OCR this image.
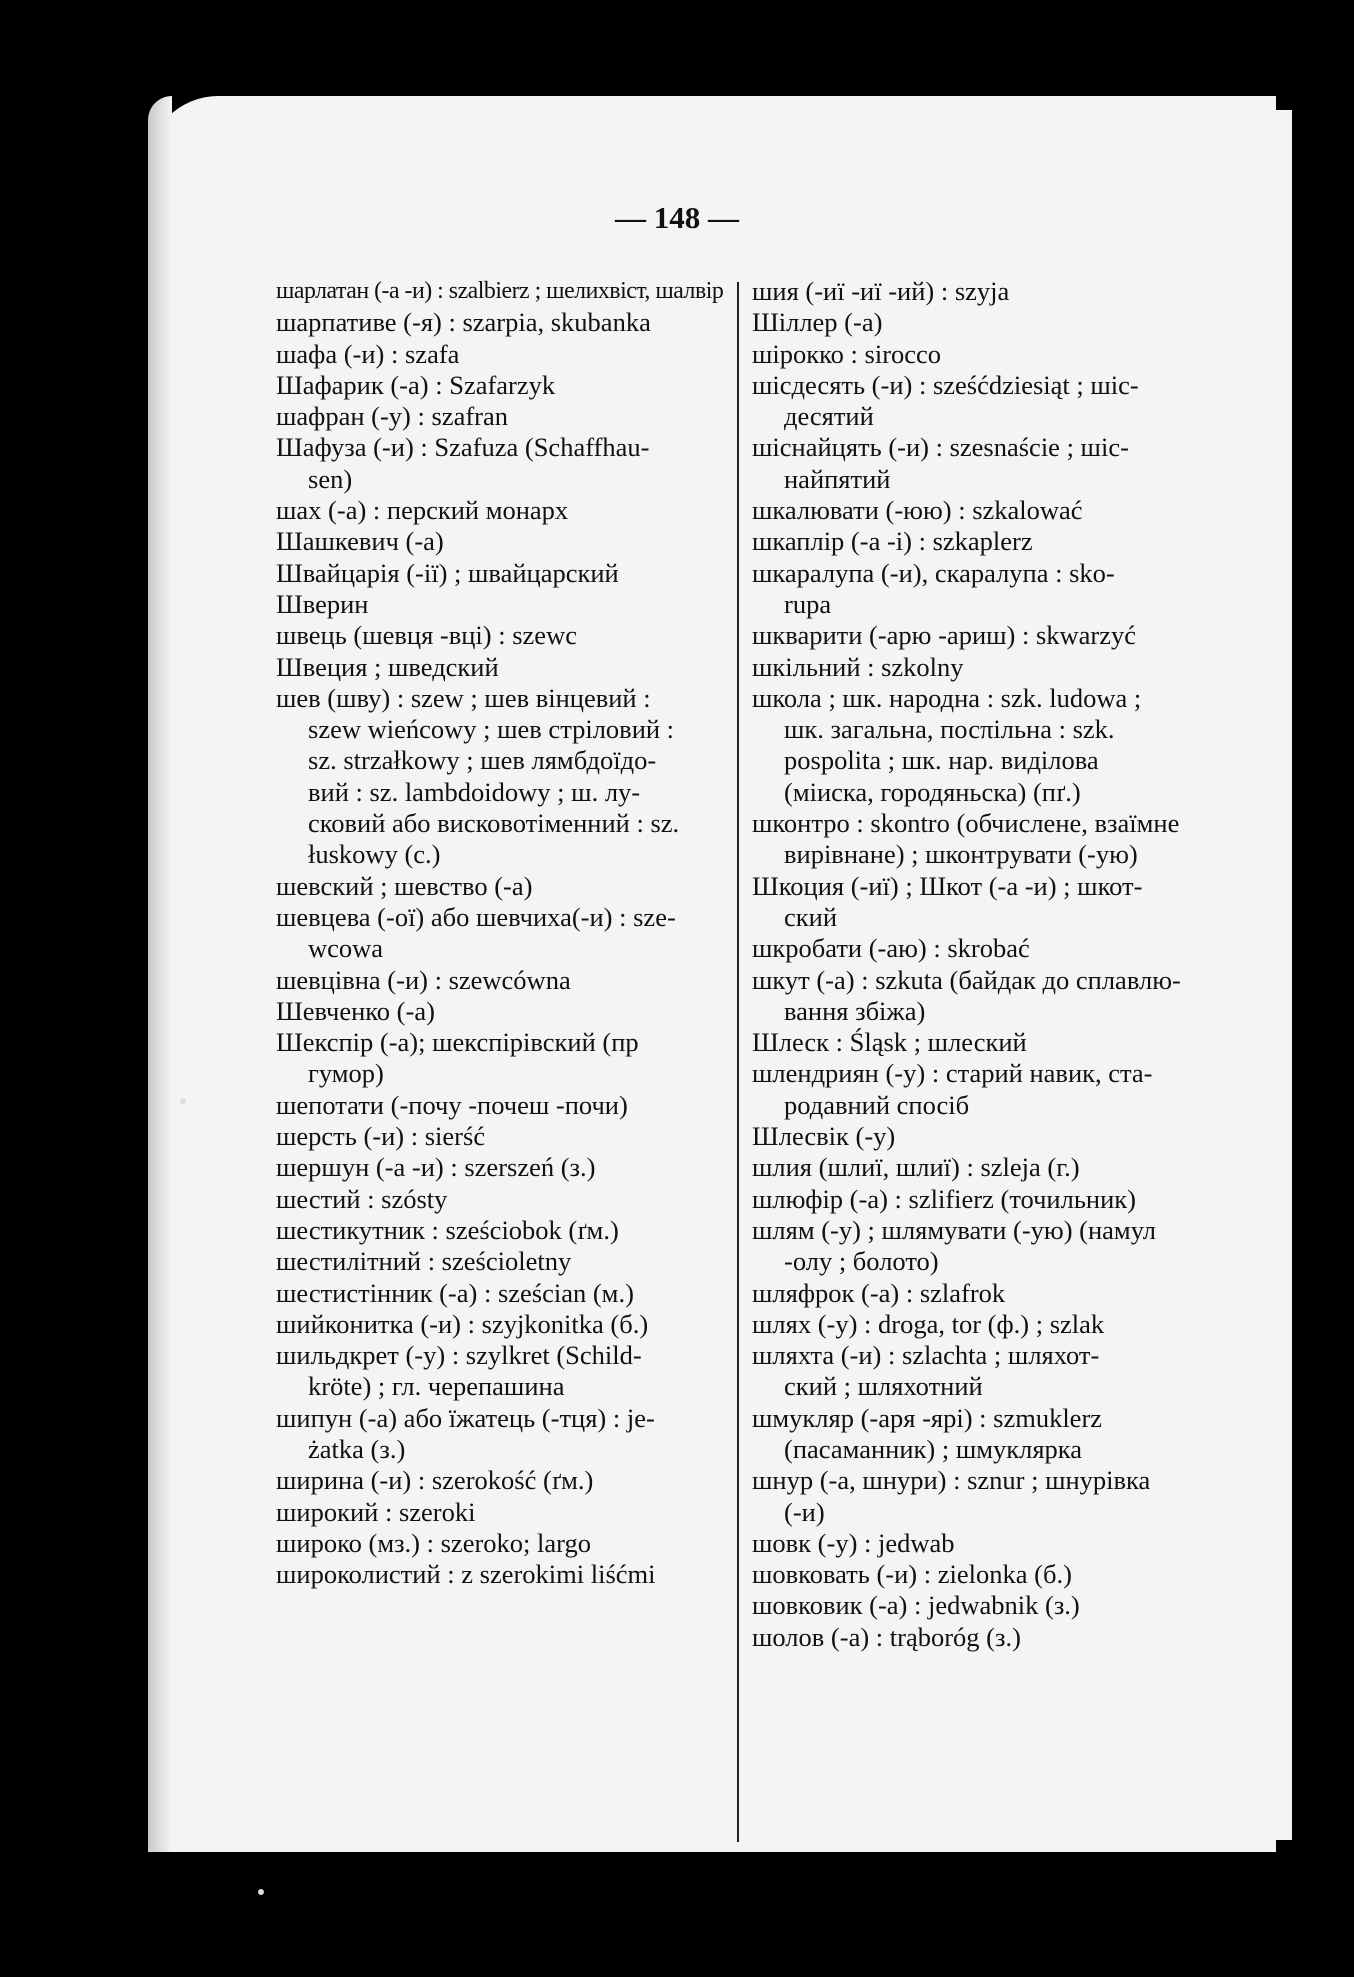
— 148 —
шарлатан (-а -и) : szalbierz ; шелихвіст, шалвір
шарпативе (-я) : szarpia, skubanka
шафа (-и) : szafa
Шафарик (-а) : Szafarzyk
шафран (-у) : szafran
Шафуза (-и) : Szafuza (Schaffhau-
sen)
шах (-а) : перский монарх
Шашкевич (-а)
Швайцарія (-ії) ; швайцарский
Шверин
швець (шевця -вці) : szewc
Швеция ; шведский
шев (шву) : szew ; шев вінцевий :
szew wieńcowy ; шев стріловий :
sz. strzałkowy ; шев лямбдоїдо-
вий : sz. lambdoidowy ; ш. лу-
сковий або висковотіменний : sz.
łuskowy (c.)
шевский ; шевство (-а)
шевцева (-ої) або шевчиха(-и) : sze-
wcowa
шевцівна (-и) : szewcówna
Шевченко (-а)
Шекспір (-а); шекспірівский (пр
гумор)
шепотати (-почу -почеш -почи)
шерсть (-и) : sierść
шершун (-а -и) : szerszeń (з.)
шестий : szósty
шестикутник : sześciobok (ґм.)
шестилітний : sześcioletny
шестистінник (-а) : sześcian (м.)
шийконитка (-и) : szyjkonitka (б.)
шильдкрет (-у) : szylkret (Schild-
kröte) ; гл. черепашина
шипун (-а) або їжатець (-тця) : je-
żatka (з.)
ширина (-и) : szerokość (ґм.)
широкий : szeroki
широко (мз.) : szeroko; largo
широколистий : z szerokimi liśćmi
шия (-иї -иї -ий) : szyja
Шіллер (-а)
шірокко : sirocco
шісдесять (-и) : sześćdziesiąt ; шіс-
десятий
шіснайцять (-и) : szesnaście ; шіс-
найпятий
шкалювати (-юю) : szkalować
шкаплір (-а -і) : szkaplerz
шкаралупа (-и), скаралупа : sko-
rupa
шкварити (-арю -ариш) : skwarzyć
шкільний : szkolny
школа ; шк. народна : szk. ludowa ;
шк. загальна, посπільна : szk.
pospolita ; шк. нар. виділова
(міиска, городяньска) (пґ.)
шконтро : skontro (обчислене, взаїмне
вирівнане) ; шконтрувати (-ую)
Шкоция (-иї) ; Шкот (-а -и) ; шкот-
ский
шкробати (-аю) : skrobać
шкут (-а) : szkuta (байдак до сплавлю-
вання збіжа)
Шлеск : Śląsk ; шлеский
шлендриян (-у) : старий навик, ста-
родавний спосіб
Шлесвік (-у)
шлия (шлиї, шлиї) : szleja (г.)
шлюфір (-а) : szlifierz (точильник)
шлям (-у) ; шлямувати (-ую) (намул
-олу ; болото)
шляфрок (-а) : szlafrok
шлях (-у) : droga, tor (ф.) ; szlak
шляхта (-и) : szlachta ; шляхот-
ский ; шляхотний
шмукляр (-аря -ярі) : szmuklerz
(пасаманник) ; шмуклярка
шнур (-а, шнури) : sznur ; шнурівка
(-и)
шовк (-у) : jedwab
шовковать (-и) : zielonka (б.)
шовковик (-а) : jedwabnik (з.)
шолов (-а) : trąboróg (з.)
